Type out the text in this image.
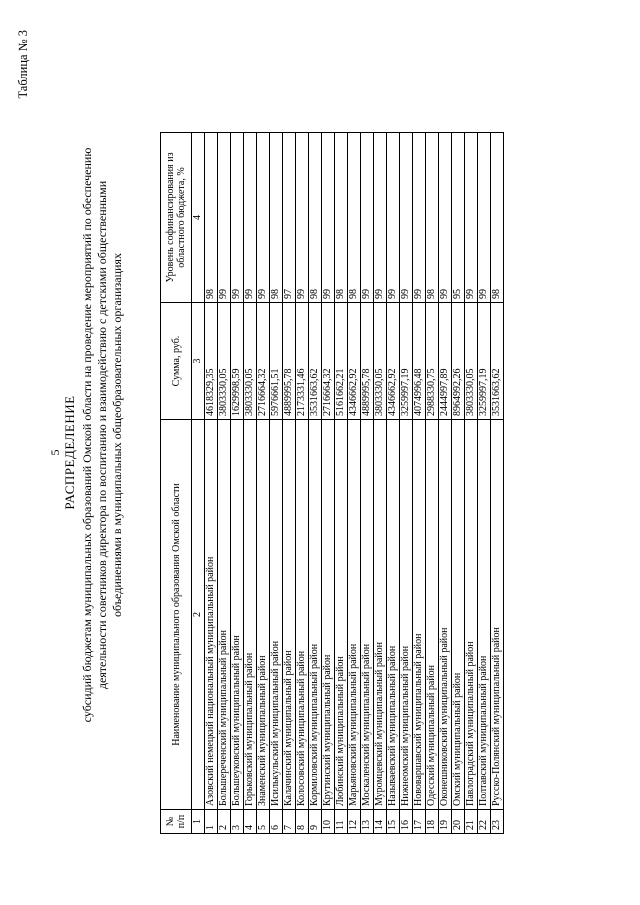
Таблица № 3
5 РАСПРЕДЕЛЕНИЕ субсидий бюджетам муниципальных образований Омской области на проведение мероприятий по обеспечению деятельности советников директора по воспитанию и взаимодействию с детскими общественными объединениями в муниципальных общеобразовательных организациях
№ п/п	Наименование муниципального образования Омской области	Сумма, руб.	Уровень софинансирования из областного бюджета, %
1	2	3	4
1	Азовский немецкий национальный муниципальный район	4618329,35	98
2	Большереченский муниципальный район	3803330,05	99
3	Большеуковский муниципальный район	1629998,59	99
4	Горьковский муниципальный район	3803330,05	99
5	Знаменский муниципальный район	2716664,32	99
6	Исилькульский муниципальный район	5976661,51	98
7	Калачинский муниципальный район	4889995,78	97
8	Колосовский муниципальный район	2173331,46	99
9	Кормиловский муниципальный район	3531663,62	98
10	Крутинский муниципальный район	2716664,32	99
11	Любинский муниципальный район	5161662,21	98
12	Марьяновский муниципальный район	4346662,92	98
13	Москаленский муниципальный район	4889995,78	99
14	Муромцевский муниципальный район	3803330,05	99
15	Называевский муниципальный район	4346662,92	99
16	Нижнеомский муниципальный район	3259997,19	99
17	Нововаршавский муниципальный район	4074996,48	99
18	Одесский муниципальный район	2988330,75	98
19	Оконешниковский муниципальный район	2444997,89	99
20	Омский муниципальный район	8964992,26	95
21	Павлоградский муниципальный район	3803330,05	99
22	Полтавский муниципальный район	3259997,19	99
23	Русско-Полянский муниципальный район	3531663,62	98
